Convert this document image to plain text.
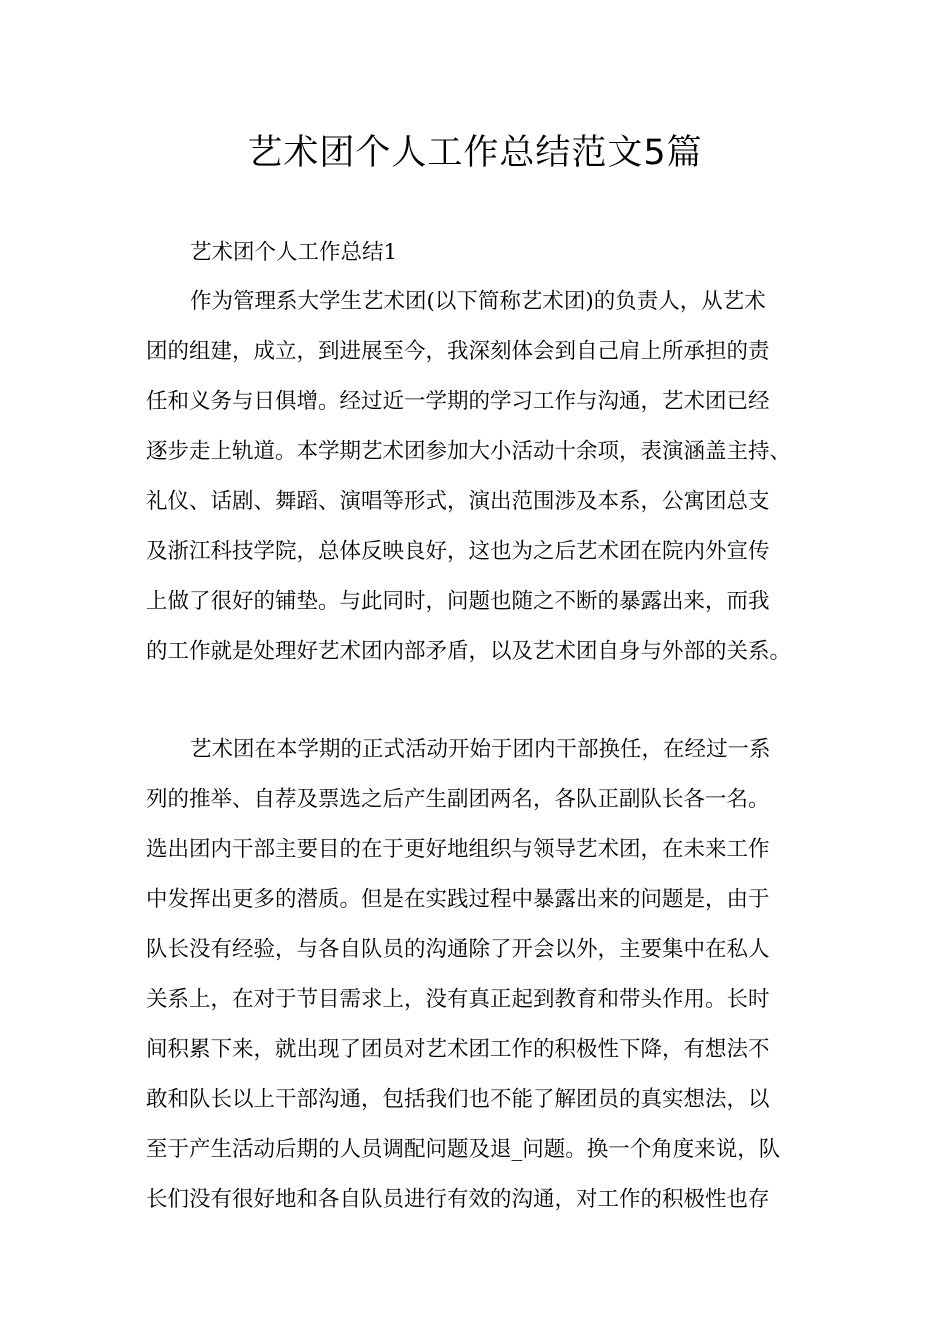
艺术团个人工作总结范文5篇
艺术团个人工作总结1
作为管理系大学生艺术团(以下简称艺术团)的负责人，从艺术
团的组建，成立，到进展至今，我深刻体会到自己肩上所承担的责
任和义务与日俱增。经过近一学期的学习工作与沟通，艺术团已经
逐步走上轨道。本学期艺术团参加大小活动十余项，表演涵盖主持、
礼仪、话剧、舞蹈、演唱等形式，演出范围涉及本系，公寓团总支
及浙江科技学院，总体反映良好，这也为之后艺术团在院内外宣传
上做了很好的铺垫。与此同时，问题也随之不断的暴露出来，而我
的工作就是处理好艺术团内部矛盾，以及艺术团自身与外部的关系。
艺术团在本学期的正式活动开始于团内干部换任，在经过一系
列的推举、自荐及票选之后产生副团两名，各队正副队长各一名。
选出团内干部主要目的在于更好地组织与领导艺术团，在未来工作
中发挥出更多的潜质。但是在实践过程中暴露出来的问题是，由于
队长没有经验，与各自队员的沟通除了开会以外，主要集中在私人
关系上，在对于节目需求上，没有真正起到教育和带头作用。长时
间积累下来，就出现了团员对艺术团工作的积极性下降，有想法不
敢和队长以上干部沟通，包括我们也不能了解团员的真实想法，以
至于产生活动后期的人员调配问题及退_问题。换一个角度来说，队
长们没有很好地和各自队员进行有效的沟通，对工作的积极性也存
